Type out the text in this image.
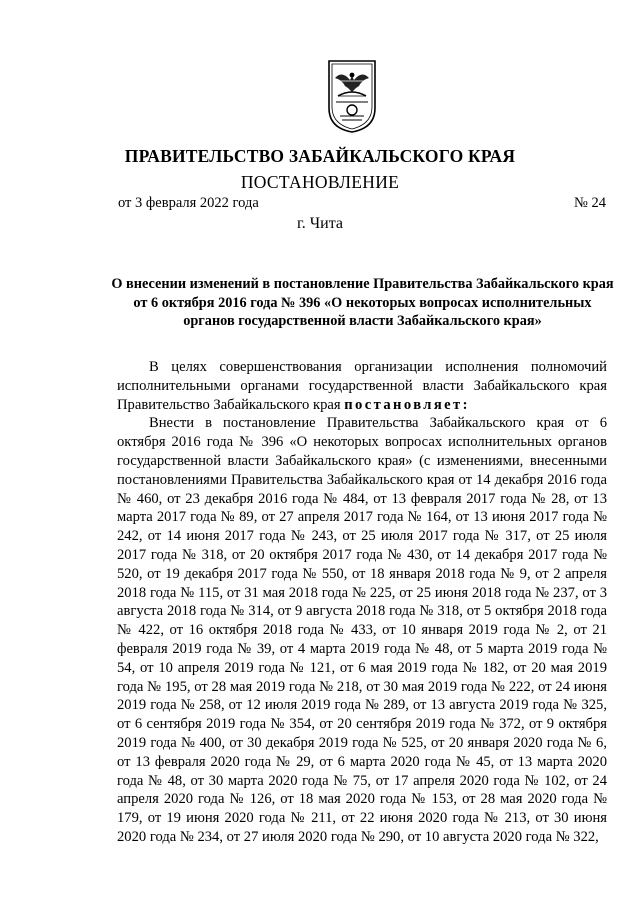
ПРАВИТЕЛЬСТВО ЗАБАЙКАЛЬСКОГО КРАЯ
ПОСТАНОВЛЕНИЕ
от 3 февраля 2022 года	№ 24
г. Чита
О внесении изменений в постановление Правительства Забайкальского края от 6 октября 2016 года № 396 «О некоторых вопросах исполнительных органов государственной власти Забайкальского края»

В целях совершенствования организации исполнения полномочий исполнительными органами государственной власти Забайкальского края Правительство Забайкальского края постановляет:

Внести в постановление Правительства Забайкальского края от 6 октября 2016 года № 396 «О некоторых вопросах исполнительных органов государственной власти Забайкальского края» (с изменениями, внесенными постановлениями Правительства Забайкальского края от 14 декабря 2016 года № 460, от 23 декабря 2016 года № 484, от 13 февраля 2017 года № 28, от 13 марта 2017 года № 89, от 27 апреля 2017 года № 164, от 13 июня 2017 года № 242, от 14 июня 2017 года № 243, от 25 июля 2017 года № 317, от 25 июля 2017 года № 318, от 20 октября 2017 года № 430, от 14 декабря 2017 года № 520, от 19 декабря 2017 года № 550, от 18 января 2018 года № 9, от 2 апреля 2018 года № 115, от 31 мая 2018 года № 225, от 25 июня 2018 года № 237, от 3 августа 2018 года № 314, от 9 августа 2018 года № 318, от 5 октября 2018 года № 422, от 16 октября 2018 года № 433, от 10 января 2019 года № 2, от 21 февраля 2019 года № 39, от 4 марта 2019 года № 48, от 5 марта 2019 года № 54, от 10 апреля 2019 года № 121, от 6 мая 2019 года № 182, от 20 мая 2019 года № 195, от 28 мая 2019 года № 218, от 30 мая 2019 года № 222, от 24 июня 2019 года № 258, от 12 июля 2019 года № 289, от 13 августа 2019 года № 325, от 6 сентября 2019 года № 354, от 20 сентября 2019 года № 372, от 9 октября 2019 года № 400, от 30 декабря 2019 года № 525, от 20 января 2020 года № 6, от 13 февраля 2020 года № 29, от 6 марта 2020 года № 45, от 13 марта 2020 года № 48, от 30 марта 2020 года № 75, от 17 апреля 2020 года № 102, от 24 апреля 2020 года № 126, от 18 мая 2020 года № 153, от 28 мая 2020 года № 179, от 19 июня 2020 года № 211, от 22 июня 2020 года № 213, от 30 июня 2020 года № 234, от 27 июля 2020 года № 290, от 10 августа 2020 года № 322,
